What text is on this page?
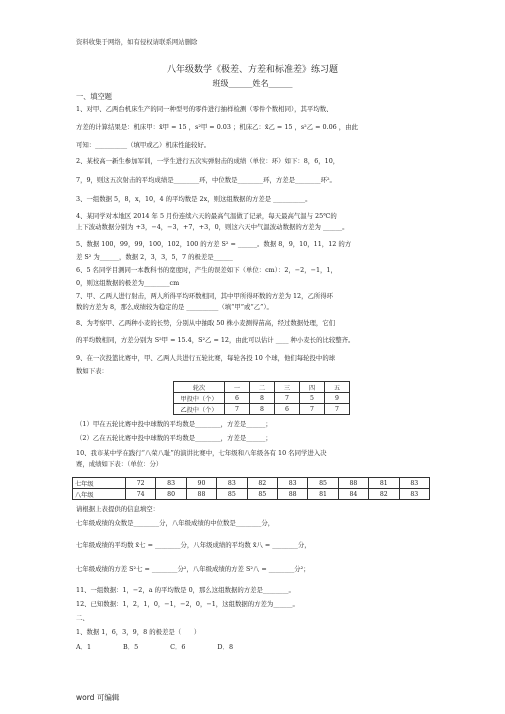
资料收集于网络，如有侵权请联系网站删除
八年级数学《极差、方差和标准差》练习题
班级______姓名______
一、填空题
1、对甲、乙两台机床生产的同一种型号的零件进行抽样检测（零件个数相同），其平均数、
方差的计算结果是：机床甲：x̄甲 = 15 ，s²甲 = 0.03 ；机床乙：x̄乙 = 15 ，s²乙 = 0.06 ，由此
可知：__________（填甲或乙）机床性能较好。
2、某校高一新生参加军训，一学生进行五次实弹射击的成绩（单位：环）如下：8，6，10，
7，9，则这五次射击的平均成绩是________环，中位数是________环，方差是________环²。
3、一组数据 5，8，x，10，4 的平均数是 2x，则这组数据的方差是 __________。
4、某同学对本地区 2014 年 5 月份连续六天的最高气温做了记录，每天最高气温与 25℃的
上下波动数据分别为 +3，−4，−3，+7，+3，0，则这六天中气温波动数据的方差为 ______。
5、数据 100，99，99，100，102，100 的方差 S² = ______。数据 8，9，10，11，12 的方
差 S² 为______，数据 2，3，3，5，7 的极差是______
6、5 名同学目测同一本教科书的宽度时，产生的误差如下（单位：cm）：2，−2，−1，1，
0，则这组数据的极差为________cm
7、甲、乙两人进行射击，两人所得平均环数相同，其中甲所得环数的方差为 12，乙所得环
数的方差为 8，那么成绩较为稳定的是 __________（填“甲”或“乙”）。
8、为考察甲、乙两种小麦的长势，分别从中抽取 50 株小麦测得苗高，经过数据处理，它们
的平均数相同，方差分别为 S²甲 = 15.4，S²乙 = 12，由此可以估计 ____ 种小麦长的比较整齐。
9、在一次投篮比赛中，甲、乙两人共进行五轮比赛，每轮各投 10 个球，他们每轮投中的球
数如下表：
轮次	一	二	三	四	五
甲投中（个）	6	8	7	5	9
乙投中（个）	7	8	6	7	7
（1）甲在五轮比赛中投中球数的平均数是________，方差是______；
（2）乙在五轮比赛中投中球数的平均数是________，方差是______；
10、我市某中学在践行“八荣八耻”的演讲比赛中，七年级和八年级各有 10 名同学进入决
赛，成绩如下表：（单位：分）
七年级	72	83	90	83	82	83	85	88	81	83
八年级	74	80	88	85	85	88	81	84	82	83
请根据上表提供的信息填空：
七年级成绩的众数是________分，八年级成绩的中位数是________分，
七年级成绩的平均数 x̄七 = ________分，八年级成绩的平均数 x̄八 = ________分，
七年级成绩的方差 S²七 = ________分²，八年级成绩的方差 S²八 = ________分²；
11、一组数据：1，−2，a 的平均数是 0，那么这组数据的方差是________。
12、已知数据：1，2，1，0，−1，−2，0，−1，这组数据的方差为______。
二、
1、数据 1，6，3，9，8 的极差是（　　）
A．1　　　　　B．5　　　　　C．6　　　　　D．8
word 可编辑
